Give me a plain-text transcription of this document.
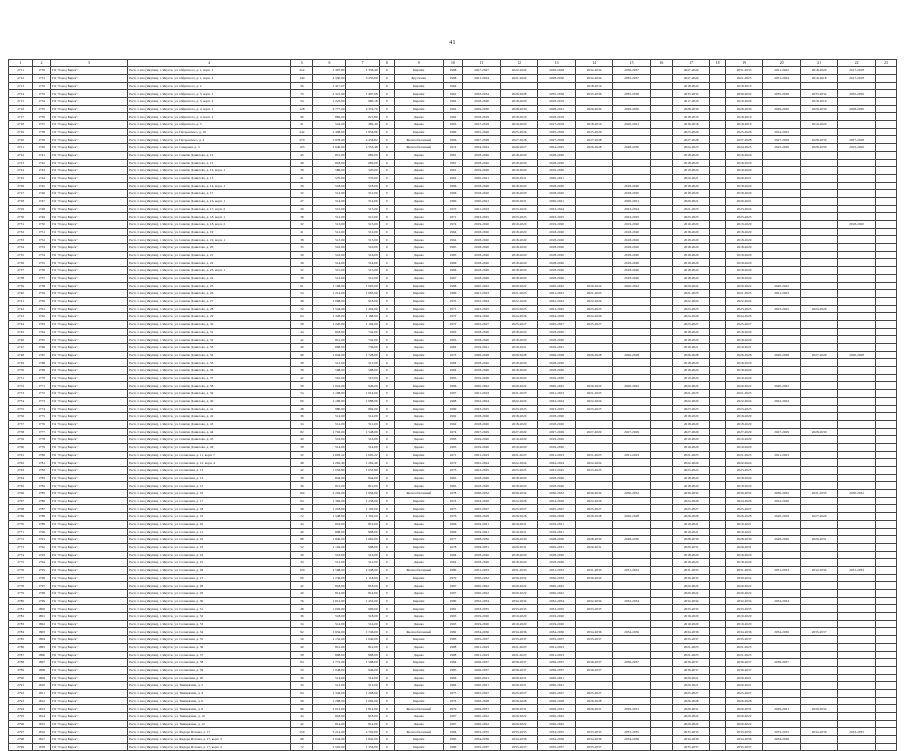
41
1	2	3	4	5	6	7	8	9	10	11	12	13	14	15	16	17	18	19	20	21	22	23
2711	1730	ГО "Город Бирск"	Респ. Саха (Якутия), г. Якутск, ул. Ойунского, д. 1, корп. 1	2х4	1 497,80	1 336,40	0	Кирпич	1968	2027-2027	2022-2024	2026-2028	2032-2034	2036-2037		2027-2029		2031-2033	2021-2022	2018-2020	2017-2018	
2712	1731	ГО "Город Бирск"	Респ. Саха (Якутия), г. Якутск, ул. Ойунского, д. 1, корп. 2	140	4 350,00	3 255,00	0	Брусчатка	1968	2021-2024	2021-2024	2028-2030	2032-2034	2035-2037		2027-2029		2021-2023	2031-2034	2016-2018	2017-2018	
2713	1732	ГО "Город Бирск"	Респ. Саха (Якутия), г. Якутск, ул. Ойунского, д. 2	56	1 417,07		0	Кирпич	1964				2018-2019			2018-2020		2018-2019				
2714	1733	ГО "Город Бирск"	Респ. Саха (Якутия), г. Якутск, ул. Ойунского, д. 3, корп. 1	70	2 321,90	1 497,08	0	Кирпич	1962	2032-2034	2026-2028	2035-2036	2035-2036	2035-2036		2033-2035		2030-2032	2035-2036	2033-2034	2035-2036	
2715	1734	ГО "Город Бирск"	Респ. Саха (Якутия), г. Якутск, ул. Ойунского, д. 3, корп. 2	54	1 225,00	960,18	0	Кирпич	1962	2018-2020	2018-2020	2018-2019				2017-2019		2019-2020		2018-2019		
2716	1735	ГО "Город Бирск"	Респ. Саха (Якутия), г. Якутск, ул. Ойунского, д. 4, корп. 1	128	2 777,00	2 374,79	0	Кирпич	1962	2029-2030	2028-2030	2028-2031	2029-2030	2029-2030		2028-2030		2028-2030	2029-2030	2029-2030	2028-2030	
2717	1736	ГО "Город Бирск"	Респ. Саха (Якутия), г. Якутск, ул. Ойунского, д. 4, корп. 2	96	869,00	621,80	0	Дерево	1962	2018-2019	2018-2019	2018-2019				2018-2019		2018-2019				
2718	1737	ГО "Город Бирск"	Респ. Саха (Якутия), г. Якутск, ул. Ойунского, д. 5	21	524,00	482,40	0	Дерево	1963	2017-2018	2019-2020	2017-2018	2018-2019	2020-2021		2016-2018		2018-2019		2019-2020		
2719	1738	ГО "Город Бирск"	Респ. Саха (Якутия), г. Якутск, ул. Петровского, д. 16	242	2 408,00	1 854,96	0	Кирпич	1969	2025-2026	2025-2026	2025-2026	2025-2026			2025-2026		2025-2026	2024-2025			
2720	1739	ГО "Город Бирск"	Респ. Саха (Якутия), г. Якутск, ул. Петровского, д. 4	270	5 978,00	4 434,82	0	Железобетонный	1966	2027-2028	2027-2028	2027-2028	2027-2028			2027-2028		2027-2028	2027-2028	2028-2030	2027-2028	
2721	1740	ГО "Город Бирск"	Респ. Саха (Якутия), г. Якутск, ул. Северная, д. 3	103	2 646,00	2 553,48	0	Железобетонный	1974	2024-2024	2026-2027	2024-2025	2026-2028	2028-2030		2024-2025		2024-2025	2025-2026	2028-2030	2025-2026	
2722	1741	ГО "Город Бирск"	Респ. Саха (Якутия), г. Якутск, ул. Семёна Данилова, д. 12	45	815,00	682,00	0	Дерево	1961	2018-2020	2018-2020	2018-2020				2018-2020		2018-2020				
2723	1742	ГО "Город Бирск"	Респ. Саха (Якутия), г. Якутск, ул. Семёна Данилова, д. 12	48	818,00	682,00	0	Дерево	1961	2018-2020	2018-2020	2018-2020				2018-2020		2018-2020				
2724	1743	ГО "Город Бирск"	Респ. Саха (Якутия), г. Якутск, ул. Семёна Данилова, д. 12, корп. 1	36	586,00	520,00	0	Дерево	1961	2019-2020	2019-2020	2019-2020				2019-2020		2019-2020				
2725	1744	ГО "Город Бирск"	Респ. Саха (Якутия), г. Якутск, ул. Семёна Данилова, д. 13	41	570,00	570,00	0	Дерево	1962	2020-2021	2020-2021	2020-2021				2020-2021		2020-2021				
2726	1745	ГО "Город Бирск"	Респ. Саха (Якутия), г. Якутск, ул. Семёна Данилова, д. 14, корп. 1	28	518,00	518,00	0	Дерево	1966	2018-2020	2018-2020	2018-2020		2018-2020		2018-2020		2018-2020				
2727	1746	ГО "Город Бирск"	Респ. Саха (Якутия), г. Якутск, ул. Семёна Данилова, д. 15	32	512,00	512,00	0	Дерево	1966	2018-2020	2018-2020	2018-2020		2018-2020		2018-2020		2018-2020				
2728	1747	ГО "Город Бирск"	Респ. Саха (Якутия), г. Якутск, ул. Семёна Данилова, д. 16, корп. 1	27	514,00	514,00	0	Дерево	1969	2020-2021	2020-2021	2020-2021		2020-2021		2020-2021		2020-2021				
2729	1748	ГО "Город Бирск"	Респ. Саха (Якутия), г. Якутск, ул. Семёна Данилова, д. 17, корп. 2	30	515,00	515,00	0	Дерево	1970	2021-2023	2023-2024	2023-2024		2023-2024		2021-2023		2023-2024				
2730	1749	ГО "Город Бирск"	Респ. Саха (Якутия), г. Якутск, ул. Семёна Данилова, д. 18, корп. 1	38	512,00	512,00	0	Дерево	1971	2023-2025	2023-2025	2023-2025		2023-2025		2023-2025		2023-2025				
2731	1750	ГО "Город Бирск"	Респ. Саха (Якутия), г. Якутск, ул. Семёна Данилова, д. 18, корп. 2	32	513,00	513,00	0	Дерево	1974	2019-2020	2019-2020	2019-2020		2019-2020		2019-2020		2019-2020			2018-2020	
2732	1751	ГО "Город Бирск"	Респ. Саха (Якутия), г. Якутск, ул. Семёна Данилова, д. 19	41	512,00	512,00	0	Дерево	1964	2018-2020	2018-2020	2018-2020		2018-2020		2018-2020		2018-2020				
2733	1752	ГО "Город Бирск"	Респ. Саха (Якутия), г. Якутск, ул. Семёна Данилова, д. 19, корп. 1	38	513,00	513,00	0	Дерево	1964	2018-2020	2018-2020	2018-2020		2018-2020		2018-2020		2018-2020				
2734	1753	ГО "Город Бирск"	Респ. Саха (Якутия), г. Якутск, ул. Семёна Данилова, д. 20	35	510,00	510,00	0	Дерево	1965	2018-2020	2018-2020	2018-2020		2018-2020		2018-2020		2018-2020				
2735	1754	ГО "Город Бирск"	Респ. Саха (Якутия), г. Якутск, ул. Семёна Данилова, д. 21	39	516,00	516,00	0	Дерево	1965	2018-2020	2018-2020	2018-2020		2018-2020		2018-2020		2018-2020				
2736	1755	ГО "Город Бирск"	Респ. Саха (Якутия), г. Якутск, ул. Семёна Данилова, д. 22	36	514,00	514,00	0	Дерево	1966	2018-2020	2018-2020	2018-2020		2018-2020		2018-2020		2018-2020				
2737	1756	ГО "Город Бирск"	Респ. Саха (Якутия), г. Якутск, ул. Семёна Данилова, д. 23, корп. 1	32	515,00	515,00	0	Дерево	1966	2018-2020	2018-2020	2018-2020		2018-2020		2018-2020		2018-2020				
2738	1757	ГО "Город Бирск"	Респ. Саха (Якутия), г. Якутск, ул. Семёна Данилова, д. 24	38	512,00	512,00	0	Дерево	1967	2018-2020	2018-2020	2018-2020		2018-2020		2018-2020		2018-2020				
2739	1758	ГО "Город Бирск"	Респ. Саха (Якутия), г. Якутск, ул. Семёна Данилова, д. 25	61	1 108,00	1 003,00	0	Кирпич	1968	2020-2022	2020-2022	2020-2022	2020-2022	2020-2022		2020-2022		2020-2022	2020-2022			
2740	1759	ГО "Город Бирск"	Респ. Саха (Якутия), г. Якутск, ул. Семёна Данилова, д. 26	54	1 214,00	1 093,00	0	Кирпич	1969	2021-2023	2021-2023	2021-2023	2021-2023			2021-2023		2021-2023	2021-2023			
2741	1760	ГО "Город Бирск"	Респ. Саха (Якутия), г. Якутск, ул. Семёна Данилова, д. 27	48	1 008,00	918,00	0	Кирпич	1970	2022-2024	2022-2024	2022-2024	2022-2024			2022-2024		2022-2024				
2742	1761	ГО "Город Бирск"	Респ. Саха (Якутия), г. Якутск, ул. Семёна Данилова, д. 28	72	1 544,00	1 404,00	0	Кирпич	1971	2023-2025	2023-2025	2023-2025	2023-2025			2023-2025		2023-2025	2023-2025	2024-2026		
2743	1762	ГО "Город Бирск"	Респ. Саха (Якутия), г. Якутск, ул. Семёна Данилова, д. 29	64	1 326,00	1 188,00	0	Кирпич	1972	2024-2026	2024-2026	2024-2026	2024-2026			2024-2026		2024-2026				
2744	1763	ГО "Город Бирск"	Респ. Саха (Якутия), г. Якутск, ул. Семёна Данилова, д. 30	58	1 220,00	1 104,00	0	Кирпич	1972	2025-2027	2025-2027	2025-2027	2025-2027			2025-2027		2025-2027				
2745	1764	ГО "Город Бирск"	Респ. Саха (Якутия), г. Якутск, ул. Семёна Данилова, д. 31	44	818,00	742,00	0	Дерево	1963	2018-2020	2018-2020	2018-2020				2018-2020		2018-2020				
2746	1765	ГО "Город Бирск"	Респ. Саха (Якутия), г. Якутск, ул. Семёна Данилова, д. 32	42	812,00	742,00	0	Дерево	1963	2018-2020	2018-2020	2018-2020				2018-2020		2018-2020				
2747	1766	ГО "Город Бирск"	Респ. Саха (Якутия), г. Якутск, ул. Семёна Данилова, д. 33	40	808,00	736,00	0	Дерево	1964	2019-2021	2019-2021	2019-2021				2019-2021		2019-2021				
2748	1767	ГО "Город Бирск"	Респ. Саха (Якутия), г. Якутск, ул. Семёна Данилова, д. 34	96	1 944,00	1 728,00	0	Кирпич	1973	2026-2028	2026-2028	2026-2028	2026-2028	2026-2028		2026-2028		2026-2028	2026-2028	2027-2029	2026-2028	
2749	1768	ГО "Город Бирск"	Респ. Саха (Якутия), г. Якутск, ул. Семёна Данилова, д. 35	38	512,00	512,00	0	Дерево	1964	2018-2020	2018-2020	2018-2020				2018-2020		2018-2020				
2750	1769	ГО "Город Бирск"	Респ. Саха (Якутия), г. Якутск, ул. Семёна Данилова, д. 36	36	508,00	508,00	0	Дерево	1964	2018-2020	2018-2020	2018-2020				2018-2020		2018-2020				
2751	1770	ГО "Город Бирск"	Респ. Саха (Якутия), г. Якутск, ул. Семёна Данилова, д. 37	42	510,00	510,00	0	Дерево	1965	2019-2020	2019-2020	2019-2020				2019-2020		2019-2020				
2752	1771	ГО "Город Бирск"	Респ. Саха (Якутия), г. Якутск, ул. Семёна Данилова, д. 38	58	1 024,00	946,00	0	Кирпич	1966	2020-2022	2020-2022	2020-2022	2020-2022	2020-2022		2020-2022		2020-2022	2020-2022			
2753	1772	ГО "Город Бирск"	Респ. Саха (Якутия), г. Якутск, ул. Семёна Данилова, д. 39	54	1 108,00	1 014,00	0	Кирпич	1967	2021-2023	2021-2023	2021-2023	2021-2023			2021-2023		2021-2023				
2754	1773	ГО "Город Бирск"	Респ. Саха (Якутия), г. Якутск, ул. Семёна Данилова, д. 40	60	1 196,00	1 088,00	0	Кирпич	1968	2022-2024	2022-2024	2022-2024	2022-2024			2022-2024		2022-2024	2022-2024			
2755	1774	ГО "Город Бирск"	Респ. Саха (Якутия), г. Якутск, ул. Семёна Данилова, д. 41	48	980,00	894,00	0	Кирпич	1969	2023-2025	2023-2025	2023-2025	2023-2025			2023-2025		2023-2025				
2756	1775	ГО "Город Бирск"	Респ. Саха (Якутия), г. Якутск, ул. Семёна Данилова, д. 42	36	514,00	514,00	0	Дерево	1962	2018-2020	2018-2020	2018-2020				2018-2020		2018-2020				
2757	1776	ГО "Город Бирск"	Респ. Саха (Якутия), г. Якутск, ул. Семёна Данилова, д. 43	34	512,00	512,00	0	Дерево	1962	2018-2020	2018-2020	2018-2020				2018-2020		2018-2020				
2758	1777	ГО "Город Бирск"	Респ. Саха (Якутия), г. Якутск, ул. Семёна Данилова, д. 44	82	1 702,00	1 548,00	0	Кирпич	1974	2027-2029	2027-2029	2027-2029	2027-2029	2027-2029		2027-2029		2027-2029	2027-2029	2028-2030		
2759	1778	ГО "Город Бирск"	Респ. Саха (Якутия), г. Якутск, ул. Семёна Данилова, д. 45	40	516,00	516,00	0	Дерево	1963	2019-2020	2019-2020	2019-2020				2019-2020		2019-2020				
2760	1779	ГО "Город Бирск"	Респ. Саха (Якутия), г. Якутск, ул. Семёна Данилова, д. 46	38	514,00	514,00	0	Дерево	1963	2019-2020	2019-2020	2019-2020				2019-2020		2019-2020				
2761	1780	ГО "Город Бирск"	Респ. Саха (Якутия), г. Якутск, ул. Солнечная, д. 11, корп. 7	32	1 093,22	1 093,22	0	Кирпич	1971	2021-2023	2021-2023	2021-2023	2021-2023	2021-2023		2021-2023		2021-2023	2021-2023			
2762	1781	ГО "Город Бирск"	Респ. Саха (Якутия), г. Якутск, ул. Солнечная, д. 12, корп. 4	48	1 202,40	1 202,40	0	Кирпич	1972	2022-2024	2022-2024	2022-2024	2022-2024			2022-2024		2022-2024				
2763	1782	ГО "Город Бирск"	Респ. Саха (Якутия), г. Якутск, ул. Солнечная, д. 13	42	1 052,80	1 052,80	0	Кирпич	1973	2023-2025	2023-2025	2023-2025	2023-2025			2023-2025		2023-2025				
2764	1783	ГО "Город Бирск"	Респ. Саха (Якутия), г. Якутск, ул. Солнечная, д. 14	38	844,00	844,00	0	Дерево	1965	2018-2020	2018-2020	2018-2020				2018-2020		2018-2020				
2765	1784	ГО "Город Бирск"	Респ. Саха (Якутия), г. Якутск, ул. Солнечная, д. 15	36	812,00	812,00	0	Дерево	1965	2018-2020	2018-2020	2018-2020				2018-2020		2018-2020				
2766	1785	ГО "Город Бирск"	Респ. Саха (Якутия), г. Якутск, ул. Солнечная, д. 16	104	2 204,00	1 954,00	0	Железобетонный	1978	2030-2032	2030-2032	2030-2032	2030-2032	2030-2032		2030-2032		2030-2032	2030-2032	2031-2033	2030-2032	
2767	1786	ГО "Город Бирск"	Респ. Саха (Якутия), г. Якутск, ул. Солнечная, д. 17	64	1 384,00	1 238,00	0	Кирпич	1974	2024-2026	2024-2026	2024-2026	2024-2026			2024-2026		2024-2026	2024-2026			
2768	1787	ГО "Город Бирск"	Респ. Саха (Якутия), г. Якутск, ул. Солнечная, д. 18	58	1 218,00	1 102,00	0	Кирпич	1975	2025-2027	2025-2027	2025-2027	2025-2027			2025-2027		2025-2027				
2769	1788	ГО "Город Бирск"	Респ. Саха (Якутия), г. Якутск, ул. Солнечная, д. 19	72	1 548,00	1 392,00	0	Кирпич	1976	2026-2028	2026-2028	2026-2028	2026-2028	2026-2028		2026-2028		2026-2028	2026-2028	2027-2029		
2770	1789	ГО "Город Бирск"	Респ. Саха (Якутия), г. Якутск, ул. Солнечная, д. 20	44	816,00	816,00	0	Дерево	1966	2019-2021	2019-2021	2019-2021				2019-2021		2019-2021				
2771	1790	ГО "Город Бирск"	Респ. Саха (Якутия), г. Якутск, ул. Солнечная, д. 21	40	808,00	808,00	0	Дерево	1966	2019-2021	2019-2021	2019-2021				2019-2021		2019-2021				
2772	1791	ГО "Город Бирск"	Респ. Саха (Якутия), г. Якутск, ул. Солнечная, д. 22	88	1 846,00	1 662,00	0	Кирпич	1977	2028-2030	2028-2030	2028-2030	2028-2030	2028-2030		2028-2030		2028-2030	2028-2030	2029-2031		
2773	1792	ГО "Город Бирск"	Респ. Саха (Якутия), г. Якутск, ул. Солнечная, д. 23	52	1 104,00	998,00	0	Кирпич	1978	2029-2031	2029-2031	2029-2031	2029-2031			2029-2031		2029-2031				
2774	1793	ГО "Город Бирск"	Респ. Саха (Якутия), г. Якутск, ул. Солнечная, д. 24	36	516,00	516,00	0	Дерево	1964	2018-2020	2018-2020	2018-2020				2018-2020		2018-2020				
2775	1794	ГО "Город Бирск"	Респ. Саха (Якутия), г. Якутск, ул. Солнечная, д. 25	34	512,00	512,00	0	Дерево	1964	2018-2020	2018-2020	2018-2020				2018-2020		2018-2020				
2776	1795	ГО "Город Бирск"	Респ. Саха (Якутия), г. Якутск, ул. Солнечная, д. 26	120	2 508,00	2 248,00	0	Железобетонный	1980	2031-2033	2031-2033	2031-2033	2031-2033	2031-2033		2031-2033		2031-2033	2031-2033	2032-2034	2031-2033	
2777	1796	ГО "Город Бирск"	Респ. Саха (Якутия), г. Якутск, ул. Солнечная, д. 27	60	1 236,00	1 118,00	0	Кирпич	1979	2030-2032	2030-2032	2030-2032	2030-2032			2030-2032		2030-2032				
2778	1797	ГО "Город Бирск"	Респ. Саха (Якутия), г. Якутск, ул. Солнечная, д. 28	42	818,00	818,00	0	Дерево	1967	2020-2022	2020-2022	2020-2022				2020-2022		2020-2022				
2779	1798	ГО "Город Бирск"	Респ. Саха (Якутия), г. Якутск, ул. Солнечная, д. 29	40	814,00	814,00	0	Дерево	1967	2020-2022	2020-2022	2020-2022				2020-2022		2020-2022				
2780	1799	ГО "Город Бирск"	Респ. Саха (Якутия), г. Якутск, ул. Солнечная, д. 30	76	1 612,00	1 452,00	0	Кирпич	1980	2032-2034	2032-2034	2032-2034	2032-2034	2032-2034		2032-2034		2032-2034	2032-2034			
2781	1800	ГО "Город Бирск"	Респ. Саха (Якутия), г. Якутск, ул. Солнечная, д. 31	48	1 002,00	906,00	0	Кирпич	1981	2033-2035	2033-2035	2033-2035	2033-2035			2033-2035		2033-2035				
2782	1801	ГО "Город Бирск"	Респ. Саха (Якутия), г. Якутск, ул. Солнечная, д. 32	36	518,00	518,00	0	Дерево	1965	2019-2020	2019-2020	2019-2020				2019-2020		2019-2020				
2783	1802	ГО "Город Бирск"	Респ. Саха (Якутия), г. Якутск, ул. Солнечная, д. 33	34	514,00	514,00	0	Дерево	1965	2019-2020	2019-2020	2019-2020				2019-2020		2019-2020				
2784	1803	ГО "Город Бирск"	Респ. Саха (Якутия), г. Якутск, ул. Солнечная, д. 34	92	1 934,00	1 746,00	0	Железобетонный	1982	2034-2036	2034-2036	2034-2036	2034-2036	2034-2036		2034-2036		2034-2036	2034-2036	2035-2037		
2785	1804	ГО "Город Бирск"	Респ. Саха (Якутия), г. Якутск, ул. Солнечная, д. 35	56	1 152,00	1 040,00	0	Кирпич	1983	2035-2037	2035-2037	2035-2037	2035-2037			2035-2037		2035-2037				
2786	1805	ГО "Город Бирск"	Респ. Саха (Якутия), г. Якутск, ул. Солнечная, д. 36	40	812,00	812,00	0	Дерево	1968	2021-2023	2021-2023	2021-2023				2021-2023		2021-2023				
2787	1806	ГО "Город Бирск"	Респ. Саха (Якутия), г. Якутск, ул. Солнечная, д. 37	38	808,00	808,00	0	Дерево	1968	2021-2023	2021-2023	2021-2023				2021-2023		2021-2023				
2788	1807	ГО "Город Бирск"	Респ. Саха (Якутия), г. Якутск, ул. Солнечная, д. 38	84	1 772,00	1 598,00	0	Кирпич	1984	2036-2037	2036-2037	2036-2037	2036-2037	2036-2037		2036-2037		2036-2037	2036-2037			
2789	1808	ГО "Город Бирск"	Респ. Саха (Якутия), г. Якутск, ул. Солнечная, д. 39	50	1 048,00	946,00	0	Кирпич	1985	2036-2037	2036-2037	2036-2037	2036-2037			2036-2037		2036-2037				
2790	1809	ГО "Город Бирск"	Респ. Саха (Якутия), г. Якутск, ул. Солнечная, д. 40	36	514,00	514,00	0	Дерево	1966	2020-2021	2020-2021	2020-2021				2020-2021		2020-2021				
2791	1810	ГО "Город Бирск"	Респ. Саха (Якутия), г. Якутск, ул. Тимирязева, д. 2	34	512,00	512,00	0	Дерево	1966	2020-2021	2020-2021	2020-2021				2020-2021		2020-2021				
2792	1811	ГО "Город Бирск"	Респ. Саха (Якутия), г. Якутск, ул. Тимирязева, д. 4	64	1 342,00	1 208,00	0	Кирпич	1975	2025-2027	2025-2027	2025-2027	2025-2027			2025-2027		2025-2027				
2793	1812	ГО "Город Бирск"	Респ. Саха (Якутия), г. Якутск, ул. Тимирязева, д. 6	58	1 208,00	1 092,00	0	Кирпич	1976	2026-2028	2026-2028	2026-2028	2026-2028			2026-2028		2026-2028				
2794	1813	ГО "Город Бирск"	Респ. Саха (Якутия), г. Якутск, ул. Тимирязева, д. 8	96	2 012,00	1 814,00	0	Железобетонный	1979	2029-2031	2029-2031	2029-2031	2029-2031	2029-2031		2029-2031		2029-2031	2029-2031	2030-2032		
2795	1814	ГО "Город Бирск"	Респ. Саха (Якутия), г. Якутск, ул. Тимирязева, д. 10	44	818,00	818,00	0	Дерево	1967	2020-2022	2020-2022	2020-2022				2020-2022		2020-2022				
2796	1815	ГО "Город Бирск"	Респ. Саха (Якутия), г. Якутск, ул. Тимирязева, д. 12	42	814,00	814,00	0	Дерево	1967	2020-2022	2020-2022	2020-2022				2020-2022		2020-2022				
2797	1816	ГО "Город Бирск"	Респ. Саха (Якутия), г. Якутск, ул. Федора Попова, д. 17	256	5 214,00	4 702,00	0	Железобетонный	1984	2033-2035	2033-2035	2033-2035	2033-2035	2033-2035		2033-2035		2033-2035	2033-2035	2034-2036	2033-2035	
2798	1817	ГО "Город Бирск"	Респ. Саха (Якутия), г. Якутск, ул. Федора Попова, д. 17, корп. 3	98	2 044,00	1 842,00	0	Кирпич	1985	2034-2036	2034-2036	2034-2036	2034-2036	2034-2036		2034-2036		2034-2036	2034-2036			
2799	1818	ГО "Город Бирск"	Респ. Саха (Якутия), г. Якутск, ул. Федора Попова, д. 17, корп. 4	72	1 502,00	1 354,00	0	Кирпич	1986	2035-2037	2035-2037	2035-2037	2035-2037			2035-2037		2035-2037				
